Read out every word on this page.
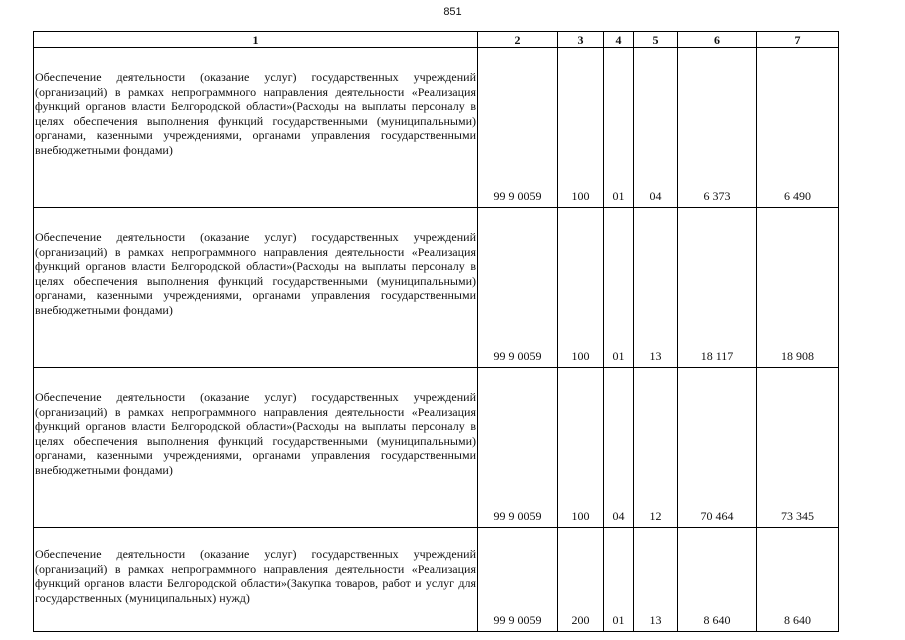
851
1	2	3	4	5	6	7
Обеспечение деятельности (оказание услуг) государственных учреждений (организаций) в рамках непрограммного направления деятельности «Реализация функций органов власти Белгородской области»(Расходы на выплаты персоналу в целях обеспечения выполнения функций государственными (муниципальными) органами, казенными учреждениями, органами управления государственными внебюджетными фондами)	99 9 0059	100	01	04	6 373	6 490
Обеспечение деятельности (оказание услуг) государственных учреждений (организаций) в рамках непрограммного направления деятельности «Реализация функций органов власти Белгородской области»(Расходы на выплаты персоналу в целях обеспечения выполнения функций государственными (муниципальными) органами, казенными учреждениями, органами управления государственными внебюджетными фондами)	99 9 0059	100	01	13	18 117	18 908
Обеспечение деятельности (оказание услуг) государственных учреждений (организаций) в рамках непрограммного направления деятельности «Реализация функций органов власти Белгородской области»(Расходы на выплаты персоналу в целях обеспечения выполнения функций государственными (муниципальными) органами, казенными учреждениями, органами управления государственными внебюджетными фондами)	99 9 0059	100	04	12	70 464	73 345
Обеспечение деятельности (оказание услуг) государственных учреждений (организаций) в рамках непрограммного направления деятельности «Реализация функций органов власти Белгородской области»(Закупка товаров, работ и услуг для государственных (муниципальных) нужд)	99 9 0059	200	01	13	8 640	8 640
